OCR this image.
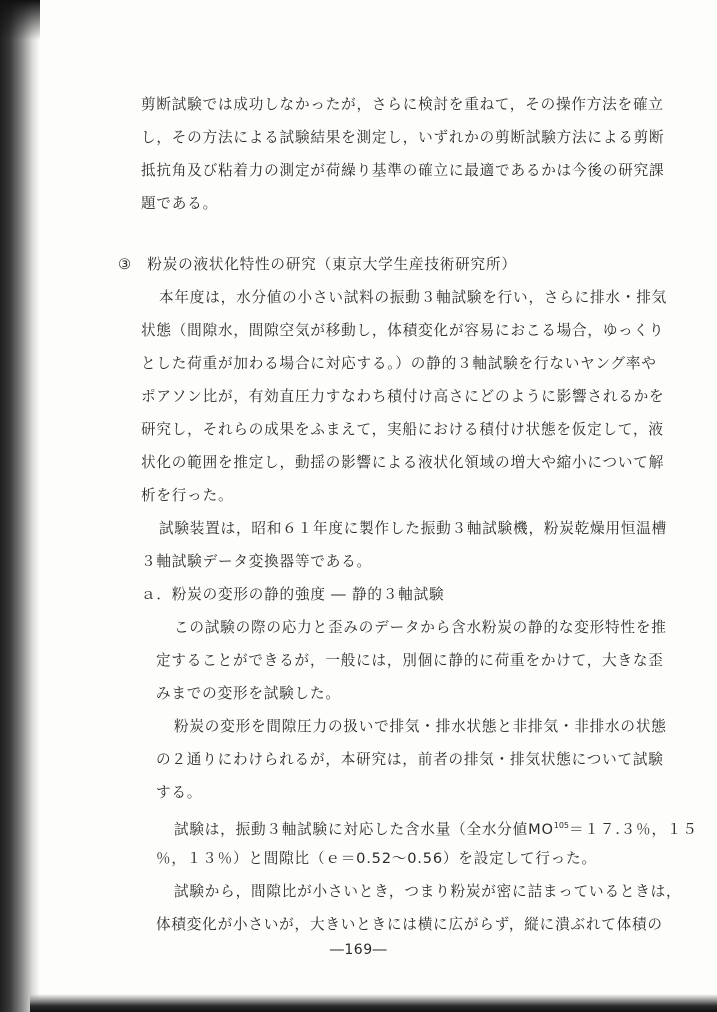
剪断試験では成功しなかったが，さらに検討を重ねて，その操作方法を確立
し，その方法による試験結果を測定し，いずれかの剪断試験方法による剪断
抵抗角及び粘着力の測定が荷繰り基準の確立に最適であるかは今後の研究課
題である。
③　粉炭の液状化特性の研究（東京大学生産技術研究所）
本年度は，水分値の小さい試料の振動３軸試験を行い，さらに排水・排気
状態（間隙水，間隙空気が移動し，体積変化が容易におこる場合，ゆっくり
とした荷重が加わる場合に対応する。）の静的３軸試験を行ないヤング率や
ポアソン比が，有効直圧力すなわち積付け高さにどのように影響されるかを
研究し，それらの成果をふまえて，実船における積付け状態を仮定して，液
状化の範囲を推定し，動揺の影響による液状化領域の増大や縮小について解
析を行った。
試験装置は，昭和６１年度に製作した振動３軸試験機，粉炭乾燥用恒温槽
３軸試験データ変換器等である。
ａ．粉炭の変形の静的強度 ― 静的３軸試験
この試験の際の応力と歪みのデータから含水粉炭の静的な変形特性を推
定することができるが，一般には，別個に静的に荷重をかけて，大きな歪
みまでの変形を試験した。
粉炭の変形を間隙圧力の扱いで排気・排水状態と非排気・非排水の状態
の２通りにわけられるが，本研究は，前者の排気・排気状態について試験
する。
試験は，振動３軸試験に対応した含水量（全水分値$MO^{105}=17.3$％，１５
％，１３％）と間隙比（ｅ＝0.52～0.56）を設定して行った。
試験から，間隙比が小さいとき，つまり粉炭が密に詰まっているときは，
体積変化が小さいが，大きいときには横に広がらず，縦に潰ぶれて体積の
―169―
